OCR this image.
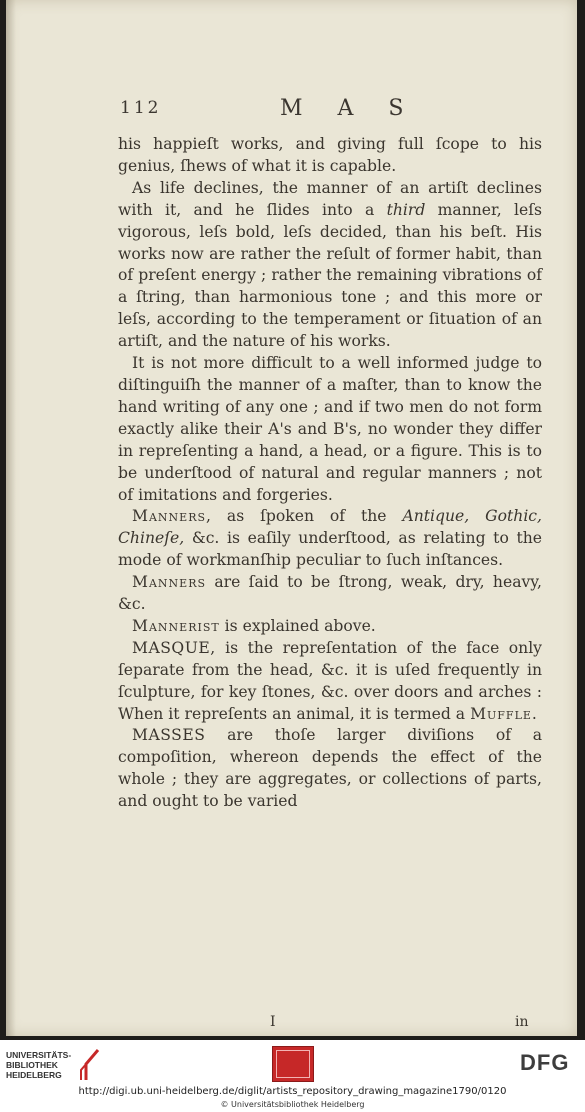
112	M A S

his happieſt works, and giving full ſcope to his genius, ſhews of what it is capable.

As life declines, the manner of an artiſt declines with it, and he ſlides into a third manner, leſs vigorous, leſs bold, leſs decided, than his beſt. His works now are rather the reſult of former habit, than of preſent energy ; rather the remaining vibrations of a ſtring, than harmonious tone ; and this more or leſs, according to the temperament or ſituation of an artiſt, and the nature of his works.

It is not more difficult to a well informed judge to diſtinguiſh the manner of a maſter, than to know the hand writing of any one ; and if two men do not form exactly alike their A's and B's, no wonder they differ in repreſenting a hand, a head, or a figure. This is to be underſtood of natural and regular manners ; not of imitations and forgeries.

Manners, as ſpoken of the Antique, Gothic, Chineſe, &c. is eaſily underſtood, as relating to the mode of workmanſhip peculiar to ſuch inſtances.

Manners are ſaid to be ſtrong, weak, dry, heavy, &c.

Mannerist is explained above.

MASQUE, is the repreſentation of the face only ſeparate from the head, &c. it is uſed frequently in ſculpture, for key ſtones, &c. over doors and arches : When it repreſents an animal, it is termed a Muffle.

MASSES are thoſe larger diviſions of a compoſition, whereon depends the effect of the whole ; they are aggregates, or collections of parts, and ought to be varied

I	in
UNIVERSITÄTS-
BIBLIOTHEK
HEIDELBERG	DFG
http://digi.ub.uni-heidelberg.de/diglit/artists_repository_drawing_magazine1790/0120
© Universitätsbibliothek Heidelberg
